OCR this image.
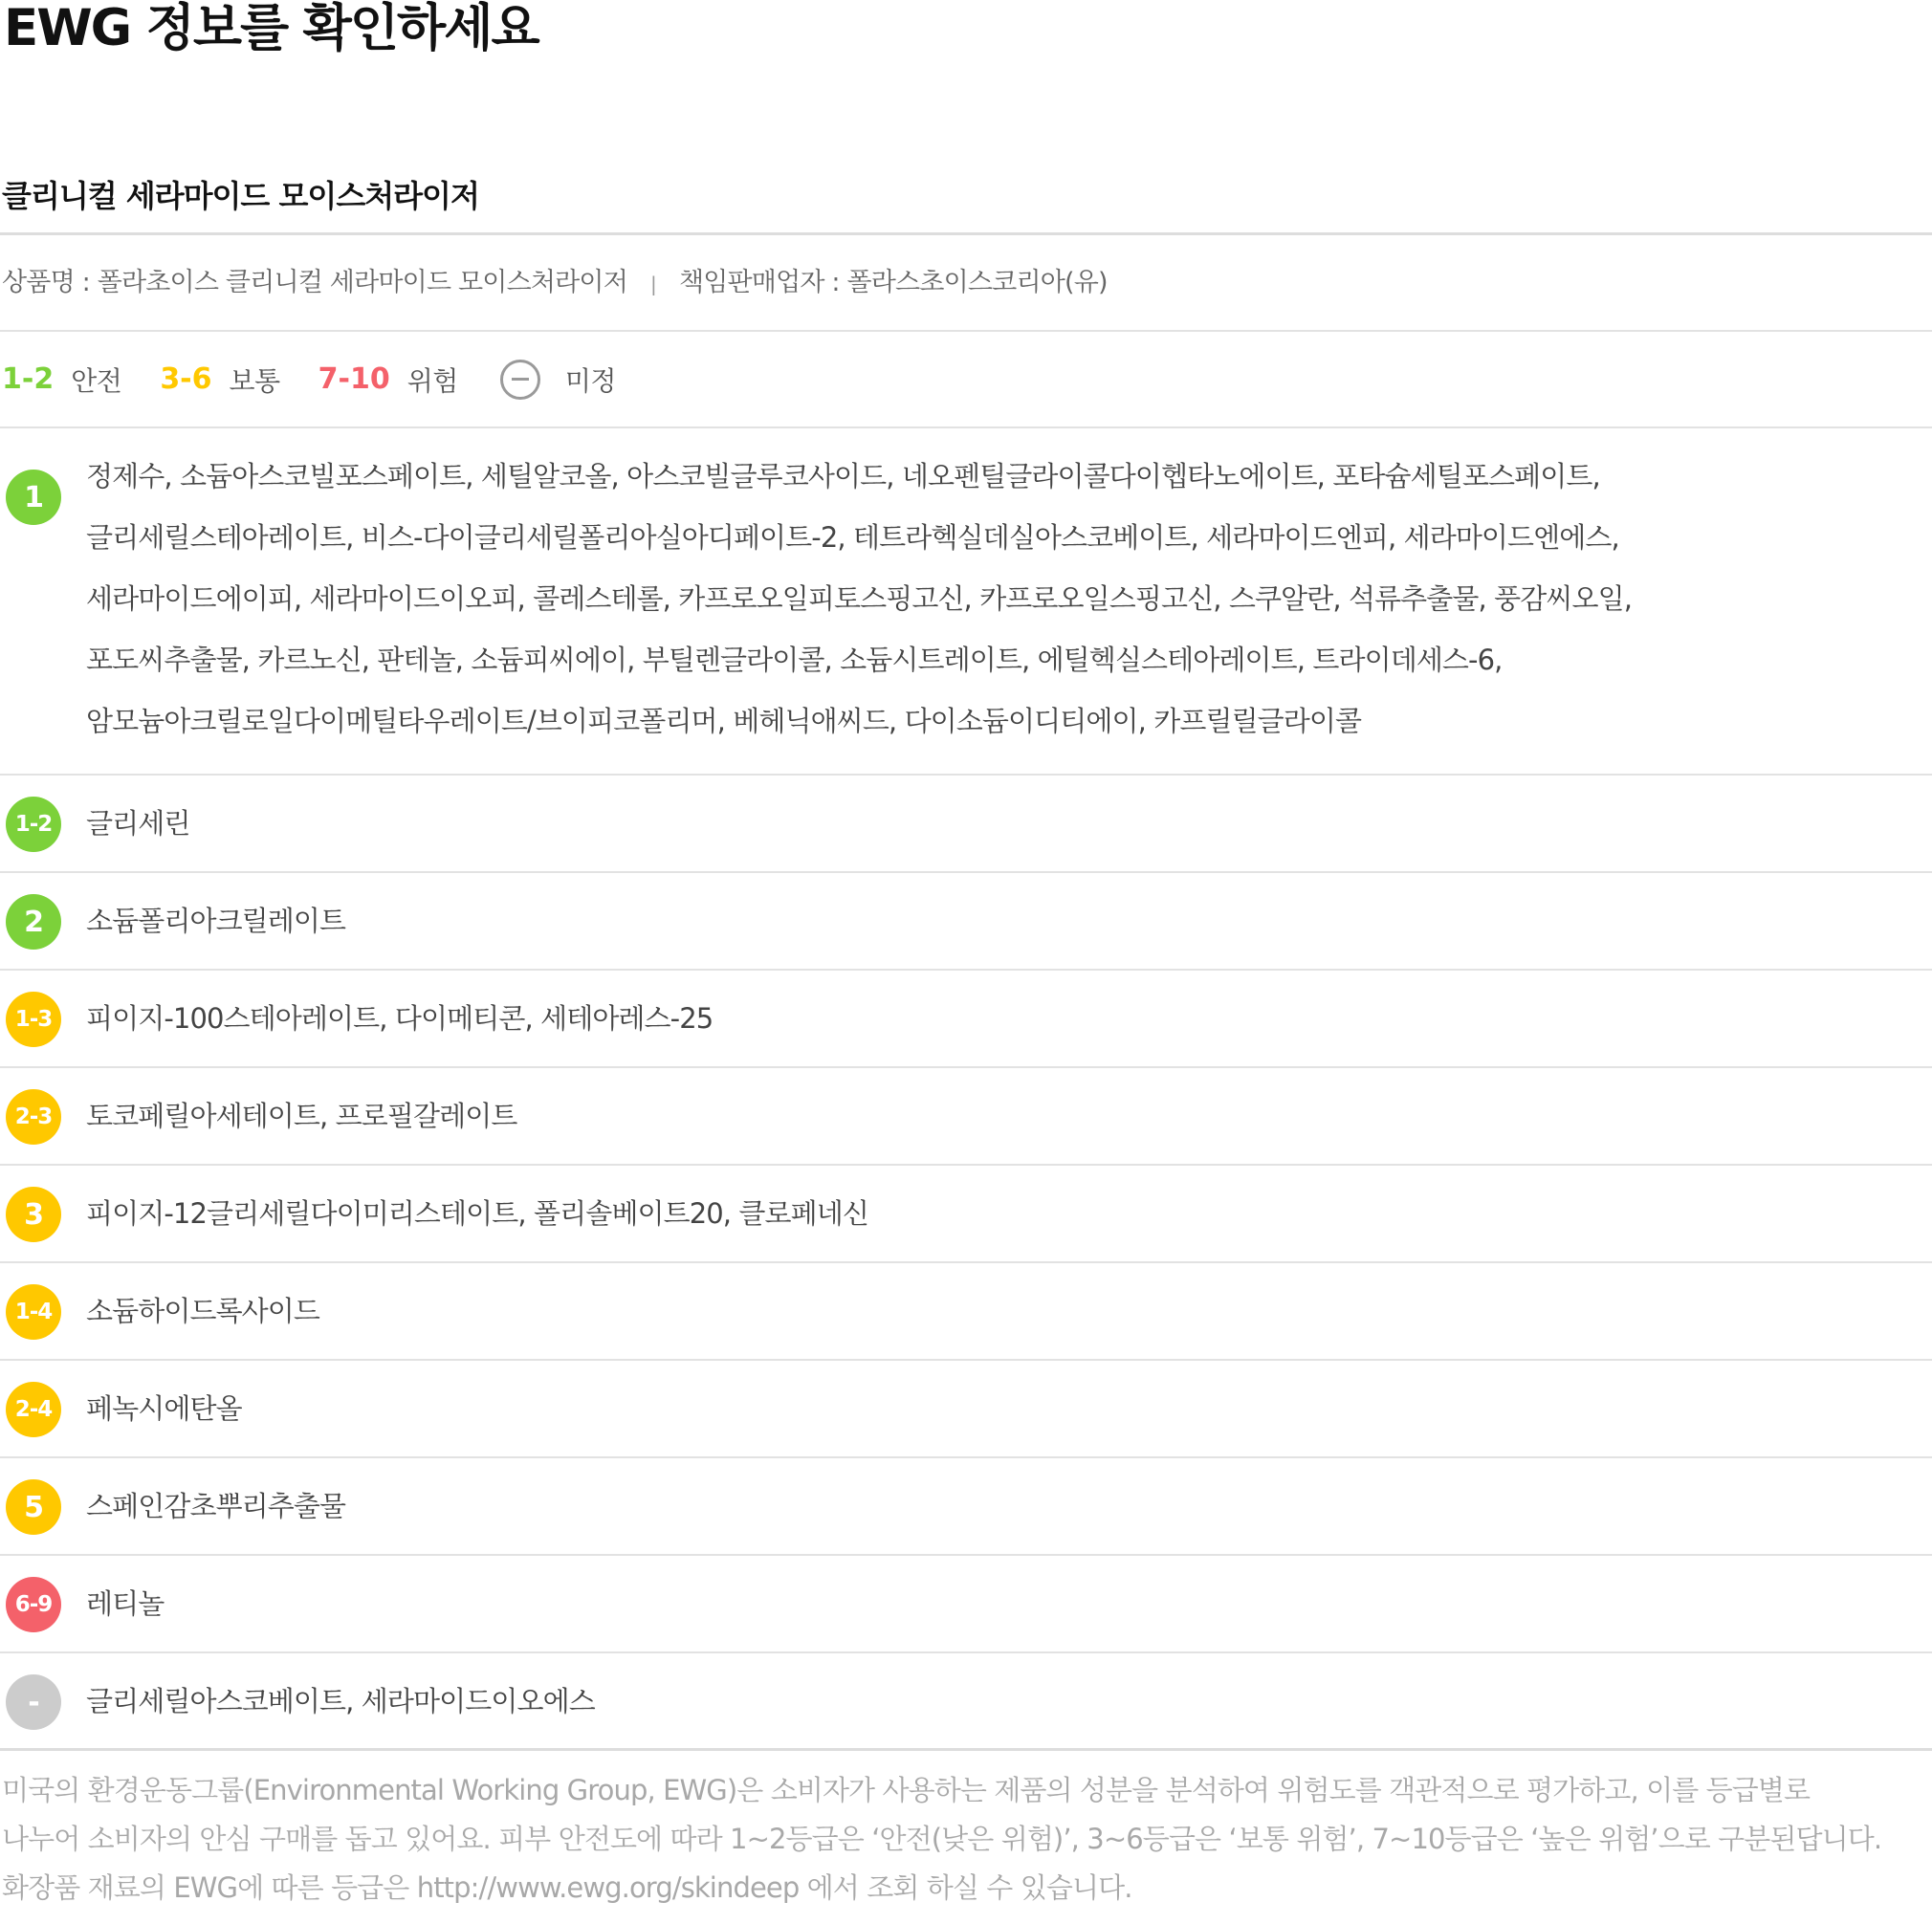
EWG 정보를 확인하세요
클리니컬 세라마이드 모이스처라이저
상품명 : 폴라초이스 클리니컬 세라마이드 모이스처라이저 | 책임판매업자 : 폴라스초이스코리아(유)
1-2 안전 3-6 보통 7-10 위험	미정
1
정제수, 소듐아스코빌포스페이트, 세틸알코올, 아스코빌글루코사이드, 네오펜틸글라이콜다이헵타노에이트, 포타슘세틸포스페이트,
글리세릴스테아레이트, 비스-다이글리세릴폴리아실아디페이트-2, 테트라헥실데실아스코베이트, 세라마이드엔피, 세라마이드엔에스,
세라마이드에이피, 세라마이드이오피, 콜레스테롤, 카프로오일피토스핑고신, 카프로오일스핑고신, 스쿠알란, 석류추출물, 풍감씨오일,
포도씨추출물, 카르노신, 판테놀, 소듐피씨에이, 부틸렌글라이콜, 소듐시트레이트, 에틸헥실스테아레이트, 트라이데세스-6,
암모늄아크릴로일다이메틸타우레이트/브이피코폴리머, 베헤닉애씨드, 다이소듐이디티에이, 카프릴릴글라이콜
1-2	글리세린
2	소듐폴리아크릴레이트
1-3	피이지-100스테아레이트, 다이메티콘, 세테아레스-25
2-3	토코페릴아세테이트, 프로필갈레이트
3	피이지-12글리세릴다이미리스테이트, 폴리솔베이트20, 클로페네신
1-4	소듐하이드록사이드
2-4	페녹시에탄올
5	스페인감초뿌리추출물
6-9	레티놀
-	글리세릴아스코베이트, 세라마이드이오에스
미국의 환경운동그룹(Environmental Working Group, EWG)은 소비자가 사용하는 제품의 성분을 분석하여 위험도를 객관적으로 평가하고, 이를 등급별로
나누어 소비자의 안심 구매를 돕고 있어요. 피부 안전도에 따라 1~2등급은 ‘안전(낮은 위험)’, 3~6등급은 ‘보통 위험’, 7~10등급은 ‘높은 위험’으로 구분된답니다.
화장품 재료의 EWG에 따른 등급은 http://www.ewg.org/skindeep 에서 조회 하실 수 있습니다.
